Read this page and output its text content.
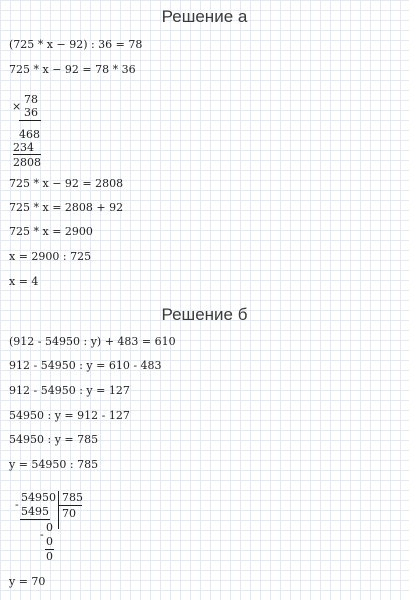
Решение а
(725 * x − 92) : 36 = 78
725 * x − 92 = 78 * 36
×
78
36
468
234
2808
725 * x − 92 = 2808
725 * x = 2808 + 92
725 * x = 2900
x = 2900 : 725
x = 4
Решение б
(912 - 54950 : y) + 483 = 610
912 - 54950 : y = 610 - 483
912 - 54950 : y = 127
54950 : y = 912 - 127
54950 : y = 785
y = 54950 : 785
-
54950 785
70
5495
-
0
0
0
y = 70
